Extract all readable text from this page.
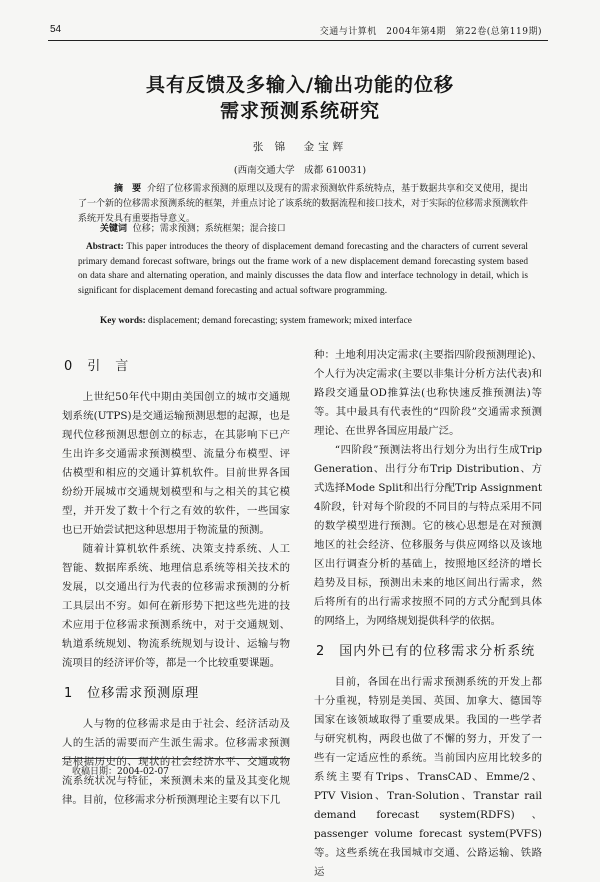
54	交通与计算机　2004年第4期　第22卷(总第119期)
具有反馈及多输入/输出功能的位移
需求预测系统研究
张 锦　金宝辉
(西南交通大学　成都 610031)
摘　要 介绍了位移需求预测的原理以及现有的需求预测软件系统特点，基于数据共享和交叉使用，提出了一个新的位移需求预测系统的框架，并重点讨论了该系统的数据流程和接口技术，对于实际的位移需求预测软件系统开发具有重要指导意义。
关键词 位移；需求预测；系统框架；混合接口
Abstract: This paper introduces the theory of displacement demand forecasting and the characters of current several primary demand forecast software, brings out the frame work of a new displacement demand forecasting system based on data share and alternating operation, and mainly discusses the data flow and interface technology in detail, which is significant for displacement demand forecasting and actual software programming.
Key words: displacement; demand forecasting; system framework; mixed interface
0　引　言

上世纪50年代中期由美国创立的城市交通规划系统(UTPS)是交通运输预测思想的起源，也是现代位移预测思想创立的标志，在其影响下已产生出许多交通需求预测模型、流量分布模型、评估模型和相应的交通计算机软件。目前世界各国纷纷开展城市交通规划模型和与之相关的其它模型，并开发了数十个行之有效的软件，一些国家也已开始尝试把这种思想用于物流量的预测。

随着计算机软件系统、决策支持系统、人工智能、数据库系统、地理信息系统等相关技术的发展，以交通出行为代表的位移需求预测的分析工具层出不穷。如何在新形势下把这些先进的技术应用于位移需求预测系统中，对于交通规划、轨道系统规划、物流系统规划与设计、运输与物流项目的经济评价等，都是一个比较重要课题。

1　位移需求预测原理

人与物的位移需求是由于社会、经济活动及人的生活的需要而产生派生需求。位移需求预测是根据历史的、现状的社会经济水平、交通或物流系统状况与特征，来预测未来的量及其变化规律。目前，位移需求分析预测理论主要有以下几

种：土地利用决定需求(主要指四阶段预测理论)、个人行为决定需求(主要以非集计分析方法代表)和路段交通量OD推算法(也称快速反推预测法)等等。其中最具有代表性的“四阶段”交通需求预测理论、在世界各国应用最广泛。

“四阶段”预测法将出行划分为出行生成Trip Generation、出行分布Trip Distribution、方式选择Mode Split和出行分配Trip Assignment 4阶段，针对每个阶段的不同目的与特点采用不同的数学模型进行预测。它的核心思想是在对预测地区的社会经济、位移服务与供应网络以及该地区出行调查分析的基础上，按照地区经济的增长趋势及目标，预测出未来的地区间出行需求，然后将所有的出行需求按照不同的方式分配到具体的网络上，为网络规划提供科学的依据。

2　国内外已有的位移需求分析系统

目前，各国在出行需求预测系统的开发上都十分重视，特别是美国、英国、加拿大、德国等国家在该领域取得了重要成果。我国的一些学者与研究机构，两段也做了不懈的努力，开发了一些有一定适应性的系统。当前国内应用比较多的系统主要有Trips、TransCAD、Emme/2、PTV Vision、Tran-Solution、Transtar rail demand forecast system(RDFS)、passenger volume forecast system(PVFS)等。这些系统在我国城市交通、公路运输、铁路运

收稿日期：2004-02-07
